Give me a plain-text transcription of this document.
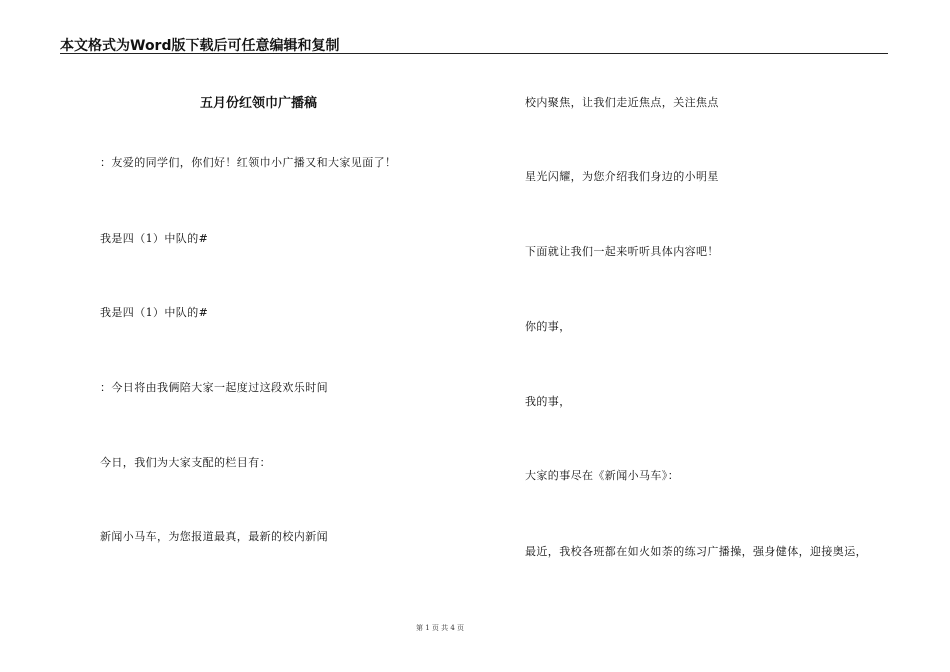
本文格式为Word版下载后可任意编辑和复制
五月份红领巾广播稿
：友爱的同学们，你们好！红领巾小广播又和大家见面了！
我是四（1）中队的#
我是四（1）中队的#
：今日将由我俩陪大家一起度过这段欢乐时间
今日，我们为大家支配的栏目有：
新闻小马车，为您报道最真，最新的校内新闻
校内聚焦，让我们走近焦点，关注焦点
星光闪耀，为您介绍我们身边的小明星
下面就让我们一起来听听具体内容吧！
你的事，
我的事，
大家的事尽在《新闻小马车》：
最近，我校各班都在如火如荼的练习广播操，强身健体，迎接奥运，
第 1 页 共 4 页
